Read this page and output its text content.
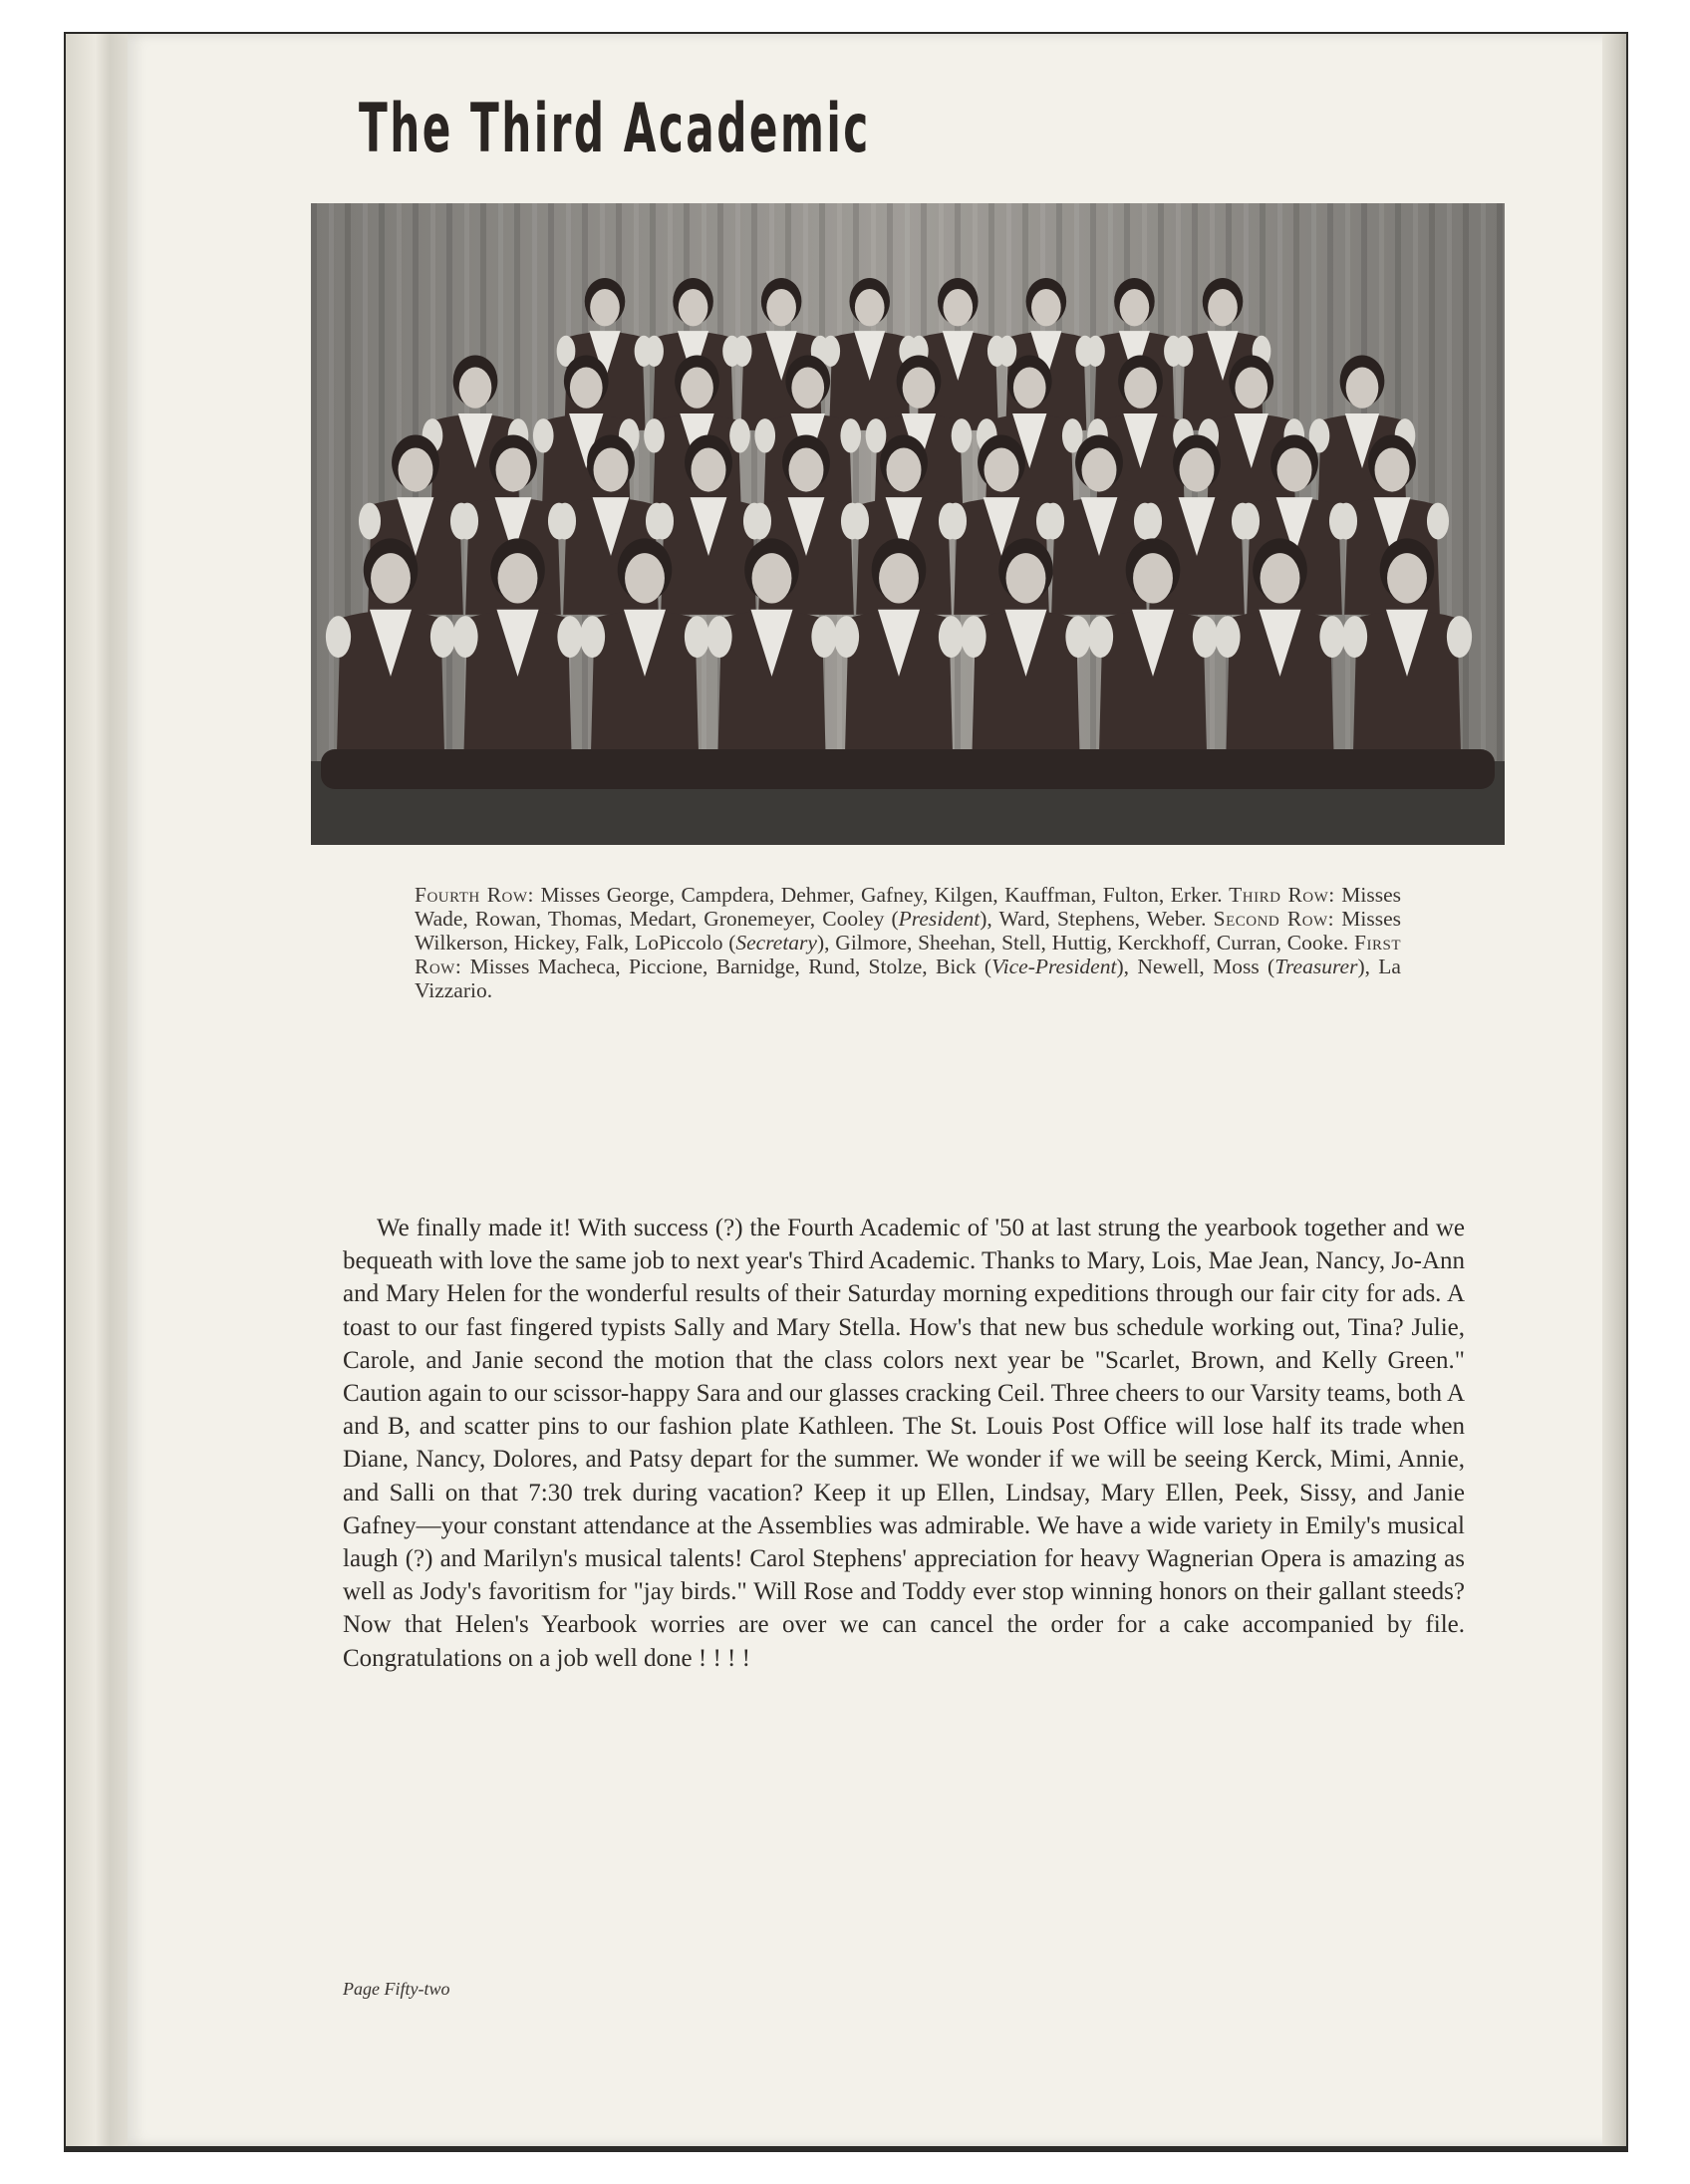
The Third Academic
Fourth Row: Misses George, Campdera, Dehmer, Gafney, Kilgen, Kauffman, Fulton, Erker. Third Row: Misses Wade, Rowan, Thomas, Medart, Gronemeyer, Cooley (President), Ward, Stephens, Weber. Second Row: Misses Wilkerson, Hickey, Falk, LoPiccolo (Secretary), Gilmore, Sheehan, Stell, Huttig, Kerckhoff, Curran, Cooke. First Row: Misses Macheca, Piccione, Barnidge, Rund, Stolze, Bick (Vice-President), Newell, Moss (Treasurer), La Vizzario.

We finally made it! With success (?) the Fourth Academic of '50 at last strung the yearbook together and we bequeath with love the same job to next year's Third Academic. Thanks to Mary, Lois, Mae Jean, Nancy, Jo-Ann and Mary Helen for the wonderful results of their Saturday morning expeditions through our fair city for ads. A toast to our fast fingered typists Sally and Mary Stella. How's that new bus schedule working out, Tina? Julie, Carole, and Janie second the motion that the class colors next year be "Scarlet, Brown, and Kelly Green." Caution again to our scissor-happy Sara and our glasses cracking Ceil. Three cheers to our Varsity teams, both A and B, and scatter pins to our fashion plate Kathleen. The St. Louis Post Office will lose half its trade when Diane, Nancy, Dolores, and Patsy depart for the summer. We wonder if we will be seeing Kerck, Mimi, Annie, and Salli on that 7:30 trek during vacation? Keep it up Ellen, Lindsay, Mary Ellen, Peek, Sissy, and Janie Gafney—your constant attendance at the Assemblies was admirable. We have a wide variety in Emily's musical laugh (?) and Marilyn's musical talents! Carol Stephens' appreciation for heavy Wagnerian Opera is amazing as well as Jody's favoritism for "jay birds." Will Rose and Toddy ever stop winning honors on their gallant steeds? Now that Helen's Yearbook worries are over we can cancel the order for a cake accompanied by file. Congratulations on a job well done ! ! ! !

Page Fifty-two
